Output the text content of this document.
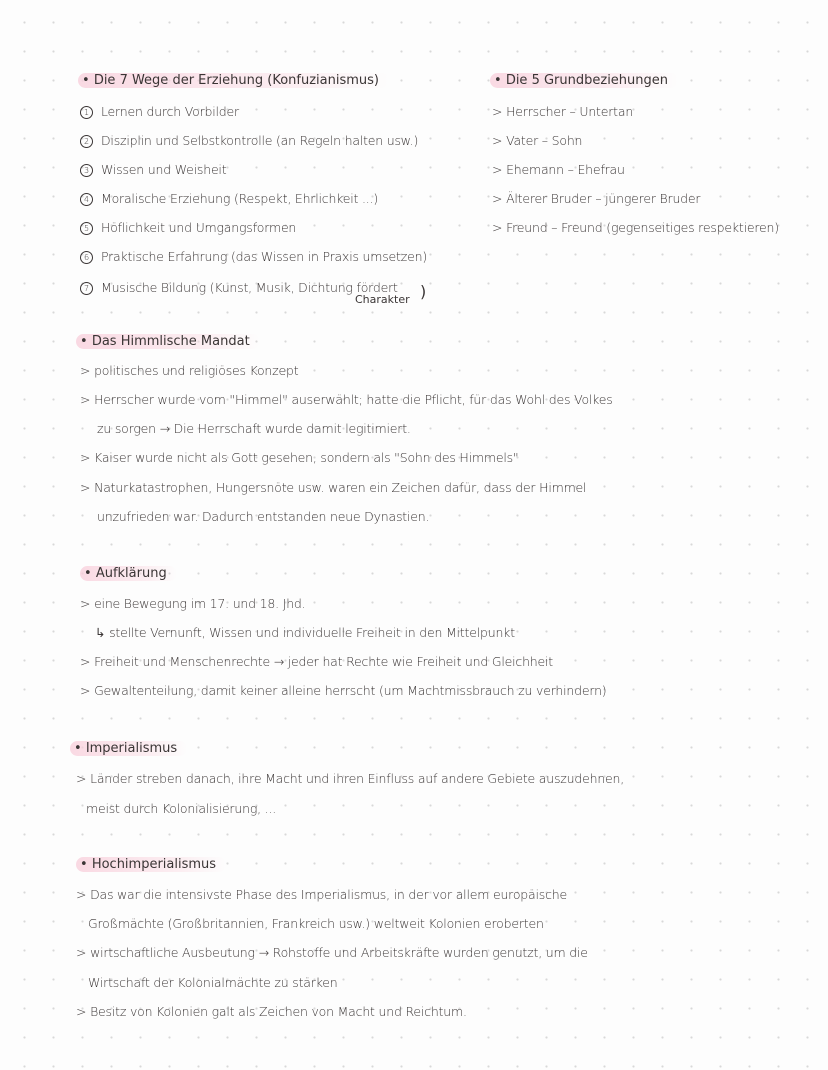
• Die 7 Wege der Erziehung (Konfuzianismus)
1 Lernen durch Vorbilder
2 Disziplin und Selbstkontrolle (an Regeln halten usw.)
3 Wissen und Weisheit
4 Moralische Erziehung (Respekt, Ehrlichkeit ...)
5 Höflichkeit und Umgangsformen
6 Praktische Erfahrung (das Wissen in Praxis umsetzen)
7 Musische Bildung (Kunst, Musik, Dichtung fördert
Charakter )
• Die 5 Grundbeziehungen
> Herrscher – Untertan
> Vater – Sohn
> Ehemann – Ehefrau
> Älterer Bruder – jüngerer Bruder
> Freund – Freund (gegenseitiges respektieren)
• Das Himmlische Mandat
> politisches und religiöses Konzept
> Herrscher wurde vom "Himmel" auserwählt; hatte die Pflicht, für das Wohl des Volkes
zu sorgen → Die Herrschaft wurde damit legitimiert.
> Kaiser wurde nicht als Gott gesehen, sondern als "Sohn des Himmels"
> Naturkatastrophen, Hungersnöte usw. waren ein Zeichen dafür, dass der Himmel
unzufrieden war. Dadurch entstanden neue Dynastien.
• Aufklärung
> eine Bewegung im 17. und 18. Jhd.
↳ stellte Vernunft, Wissen und individuelle Freiheit in den Mittelpunkt
> Freiheit und Menschenrechte → jeder hat Rechte wie Freiheit und Gleichheit
> Gewaltenteilung, damit keiner alleine herrscht (um Machtmissbrauch zu verhindern)
• Imperialismus
> Länder streben danach, ihre Macht und ihren Einfluss auf andere Gebiete auszudehnen,
meist durch Kolonialisierung, ...
• Hochimperialismus
> Das war die intensivste Phase des Imperialismus, in der vor allem europäische
Großmächte (Großbritannien, Frankreich usw.) weltweit Kolonien eroberten
> wirtschaftliche Ausbeutung → Rohstoffe und Arbeitskräfte wurden genutzt, um die
Wirtschaft der Kolonialmächte zu stärken
> Besitz von Kolonien galt als Zeichen von Macht und Reichtum.
